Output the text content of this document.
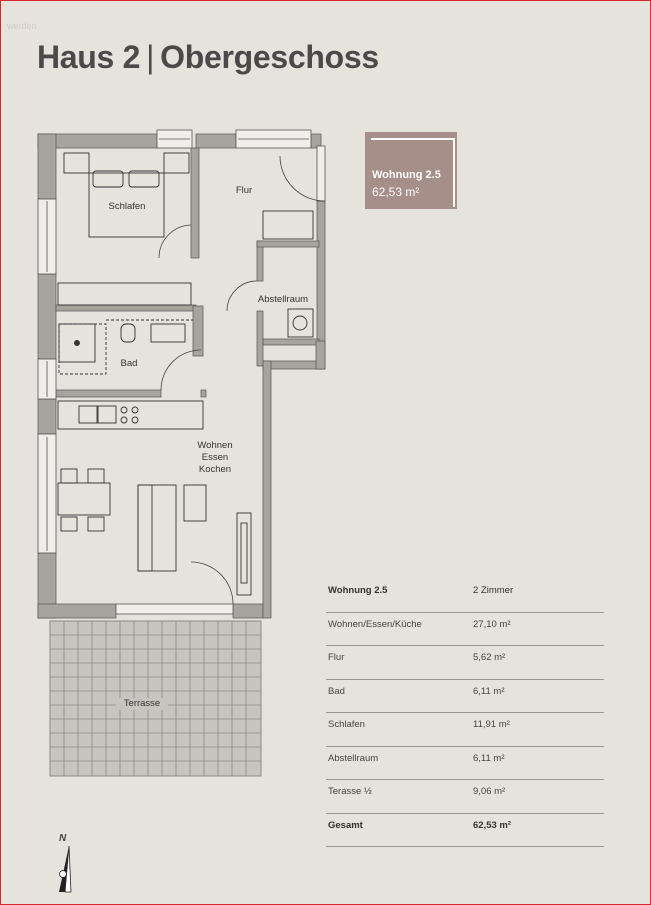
werden
Haus 2 | Obergeschoss
Schlafen
Flur
Abstellraum
Bad
Wohnen
Essen
Kochen
Terrasse
Wohnung 2.5
62,53 m²
Wohnung 2.5	2 Zimmer
Wohnen/Essen/Küche	27,10 m²
Flur	5,62 m²
Bad	6,11 m²
Schlafen	11,91 m²
Abstellraum	6,11 m²
Terasse ½	9,06 m²
Gesamt	62,53 m²
N
